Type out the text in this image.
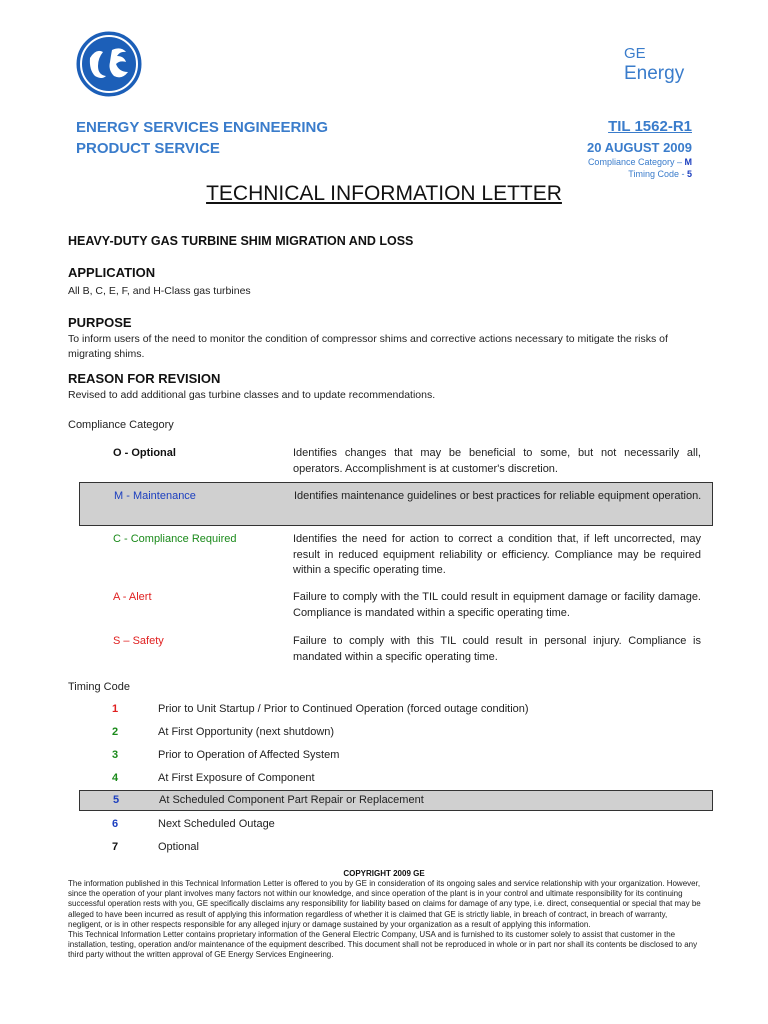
GE
Energy
ENERGY SERVICES ENGINEERING
PRODUCT SERVICE
TIL 1562-R1
20 AUGUST 2009
Compliance Category – M
Timing Code - 5
TECHNICAL INFORMATION LETTER
HEAVY-DUTY GAS TURBINE SHIM MIGRATION AND LOSS
APPLICATION
All B, C, E, F, and H-Class gas turbines
PURPOSE
To inform users of the need to monitor the condition of compressor shims and corrective actions necessary to mitigate the risks of migrating shims.
REASON FOR REVISION
Revised to add additional gas turbine classes and to update recommendations.
Compliance Category
O - Optional	Identifies changes that may be beneficial to some, but not necessarily all, operators. Accomplishment is at customer's discretion.
M - Maintenance	Identifies maintenance guidelines or best practices for reliable equipment operation.
C - Compliance Required	Identifies the need for action to correct a condition that, if left uncorrected, may result in reduced equipment reliability or efficiency. Compliance may be required within a specific operating time.
A - Alert	Failure to comply with the TIL could result in equipment damage or facility damage. Compliance is mandated within a specific operating time.
S – Safety	Failure to comply with this TIL could result in personal injury. Compliance is mandated within a specific operating time.
Timing Code
1	Prior to Unit Startup / Prior to Continued Operation (forced outage condition)
2	At First Opportunity (next shutdown)
3	Prior to Operation of Affected System
4	At First Exposure of Component
5	At Scheduled Component Part Repair or Replacement
6	Next Scheduled Outage
7	Optional
COPYRIGHT 2009 GE
The information published in this Technical Information Letter is offered to you by GE in consideration of its ongoing sales and service relationship with your organization. However, since the operation of your plant involves many factors not within our knowledge, and since operation of the plant is in your control and ultimate responsibility for its continuing successful operation rests with you, GE specifically disclaims any responsibility for liability based on claims for damage of any type, i.e. direct, consequential or special that may be alleged to have been incurred as result of applying this information regardless of whether it is claimed that GE is strictly liable, in breach of contract, in breach of warranty, negligent, or is in other respects responsible for any alleged injury or damage sustained by your organization as a result of applying this information.
This Technical Information Letter contains proprietary information of the General Electric Company, USA and is furnished to its customer solely to assist that customer in the installation, testing, operation and/or maintenance of the equipment described. This document shall not be reproduced in whole or in part nor shall its contents be disclosed to any third party without the written approval of GE Energy Services Engineering.
